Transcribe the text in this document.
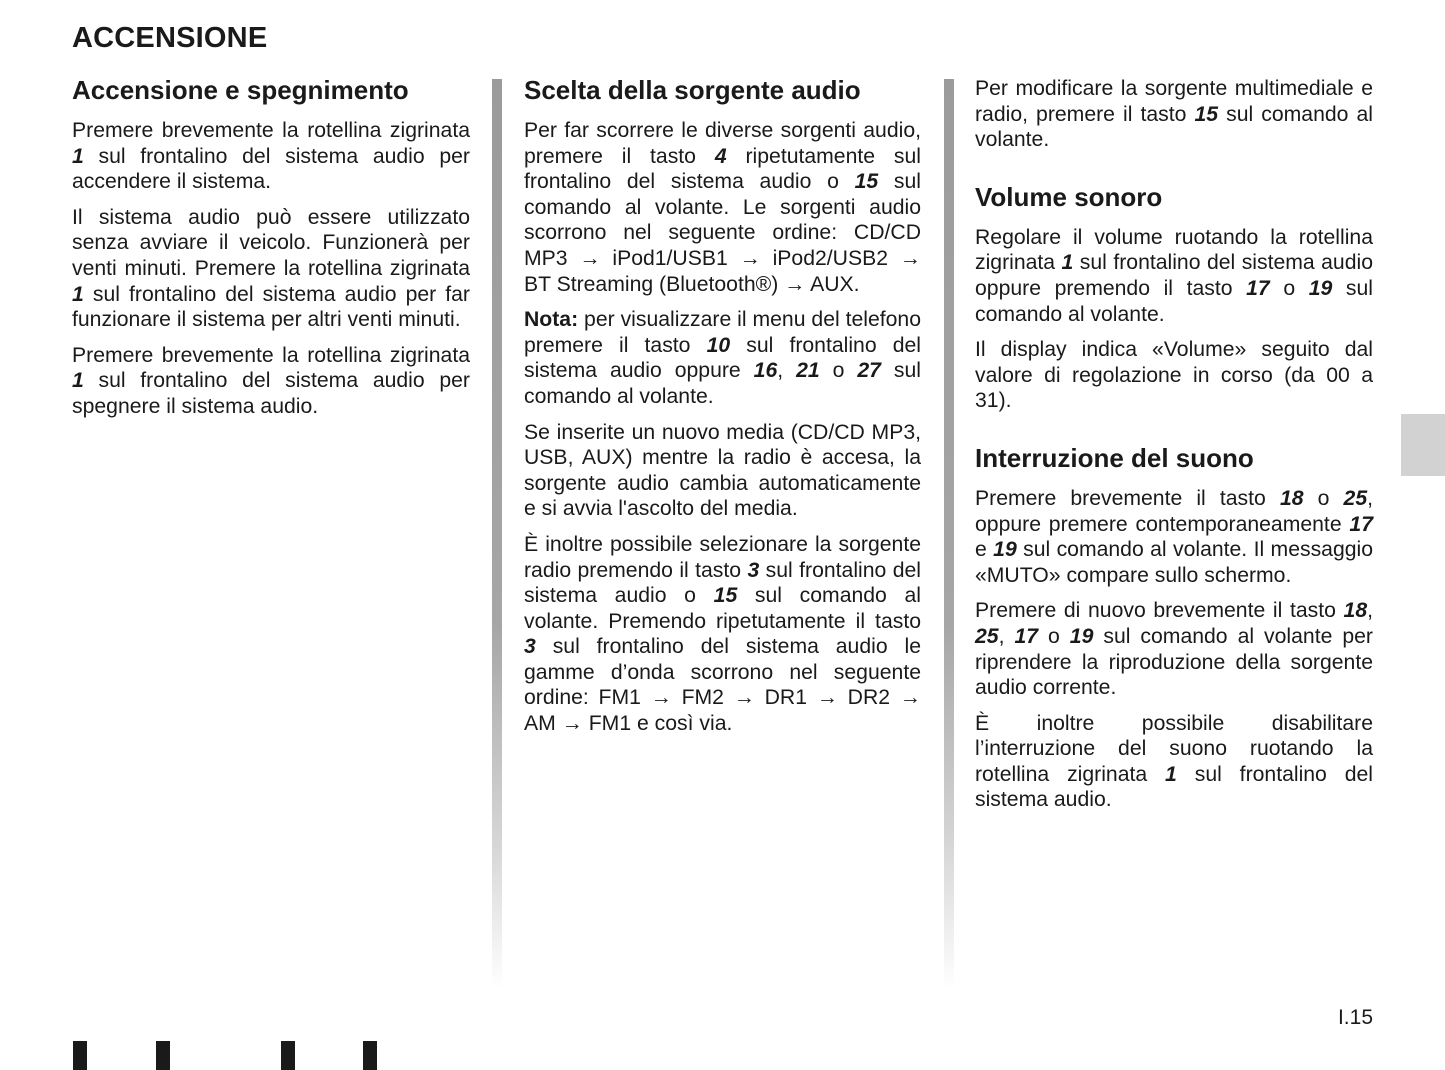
ACCENSIONE
Accensione e spegnimento

Premere brevemente la rotellina zigrinata 1 sul frontalino del sistema audio per accendere il sistema.

Il sistema audio può essere utilizzato senza avviare il veicolo. Funzionerà per venti minuti. Premere la rotellina zigrinata 1 sul frontalino del sistema audio per far funzionare il sistema per altri venti minuti.

Premere brevemente la rotellina zigrinata 1 sul frontalino del sistema audio per spegnere il sistema audio.

Scelta della sorgente audio

Per far scorrere le diverse sorgenti audio, premere il tasto 4 ripetutamente sul frontalino del sistema audio o 15 sul comando al volante. Le sorgenti audio scorrono nel seguente ordine: CD/CD MP3 → iPod1/USB1 → iPod2/USB2 → BT Streaming (Bluetooth®) → AUX.

Nota: per visualizzare il menu del telefono premere il tasto 10 sul frontalino del sistema audio oppure 16, 21 o 27 sul comando al volante.

Se inserite un nuovo media (CD/CD MP3, USB, AUX) mentre la radio è accesa, la sorgente audio cambia automaticamente e si avvia l'ascolto del media.

È inoltre possibile selezionare la sorgente radio premendo il tasto 3 sul frontalino del sistema audio o 15 sul comando al volante. Premendo ripetutamente il tasto 3 sul frontalino del sistema audio le gamme d’onda scorrono nel seguente ordine: FM1 → FM2 → DR1 → DR2 → AM → FM1 e così via.

Per modificare la sorgente multimediale e radio, premere il tasto 15 sul comando al volante.

Volume sonoro

Regolare il volume ruotando la rotellina zigrinata 1 sul frontalino del sistema audio oppure premendo il tasto 17 o 19 sul comando al volante.

Il display indica «Volume» seguito dal valore di regolazione in corso (da 00 a 31).

Interruzione del suono

Premere brevemente il tasto 18 o 25, oppure premere contemporaneamente 17 e 19 sul comando al volante. Il messaggio «MUTO» compare sullo schermo.

Premere di nuovo brevemente il tasto 18, 25, 17 o 19 sul comando al volante per riprendere la riproduzione della sorgente audio corrente.

È inoltre possibile disabilitare l’interruzione del suono ruotando la rotellina zigrinata 1 sul frontalino del sistema audio.

I.15
